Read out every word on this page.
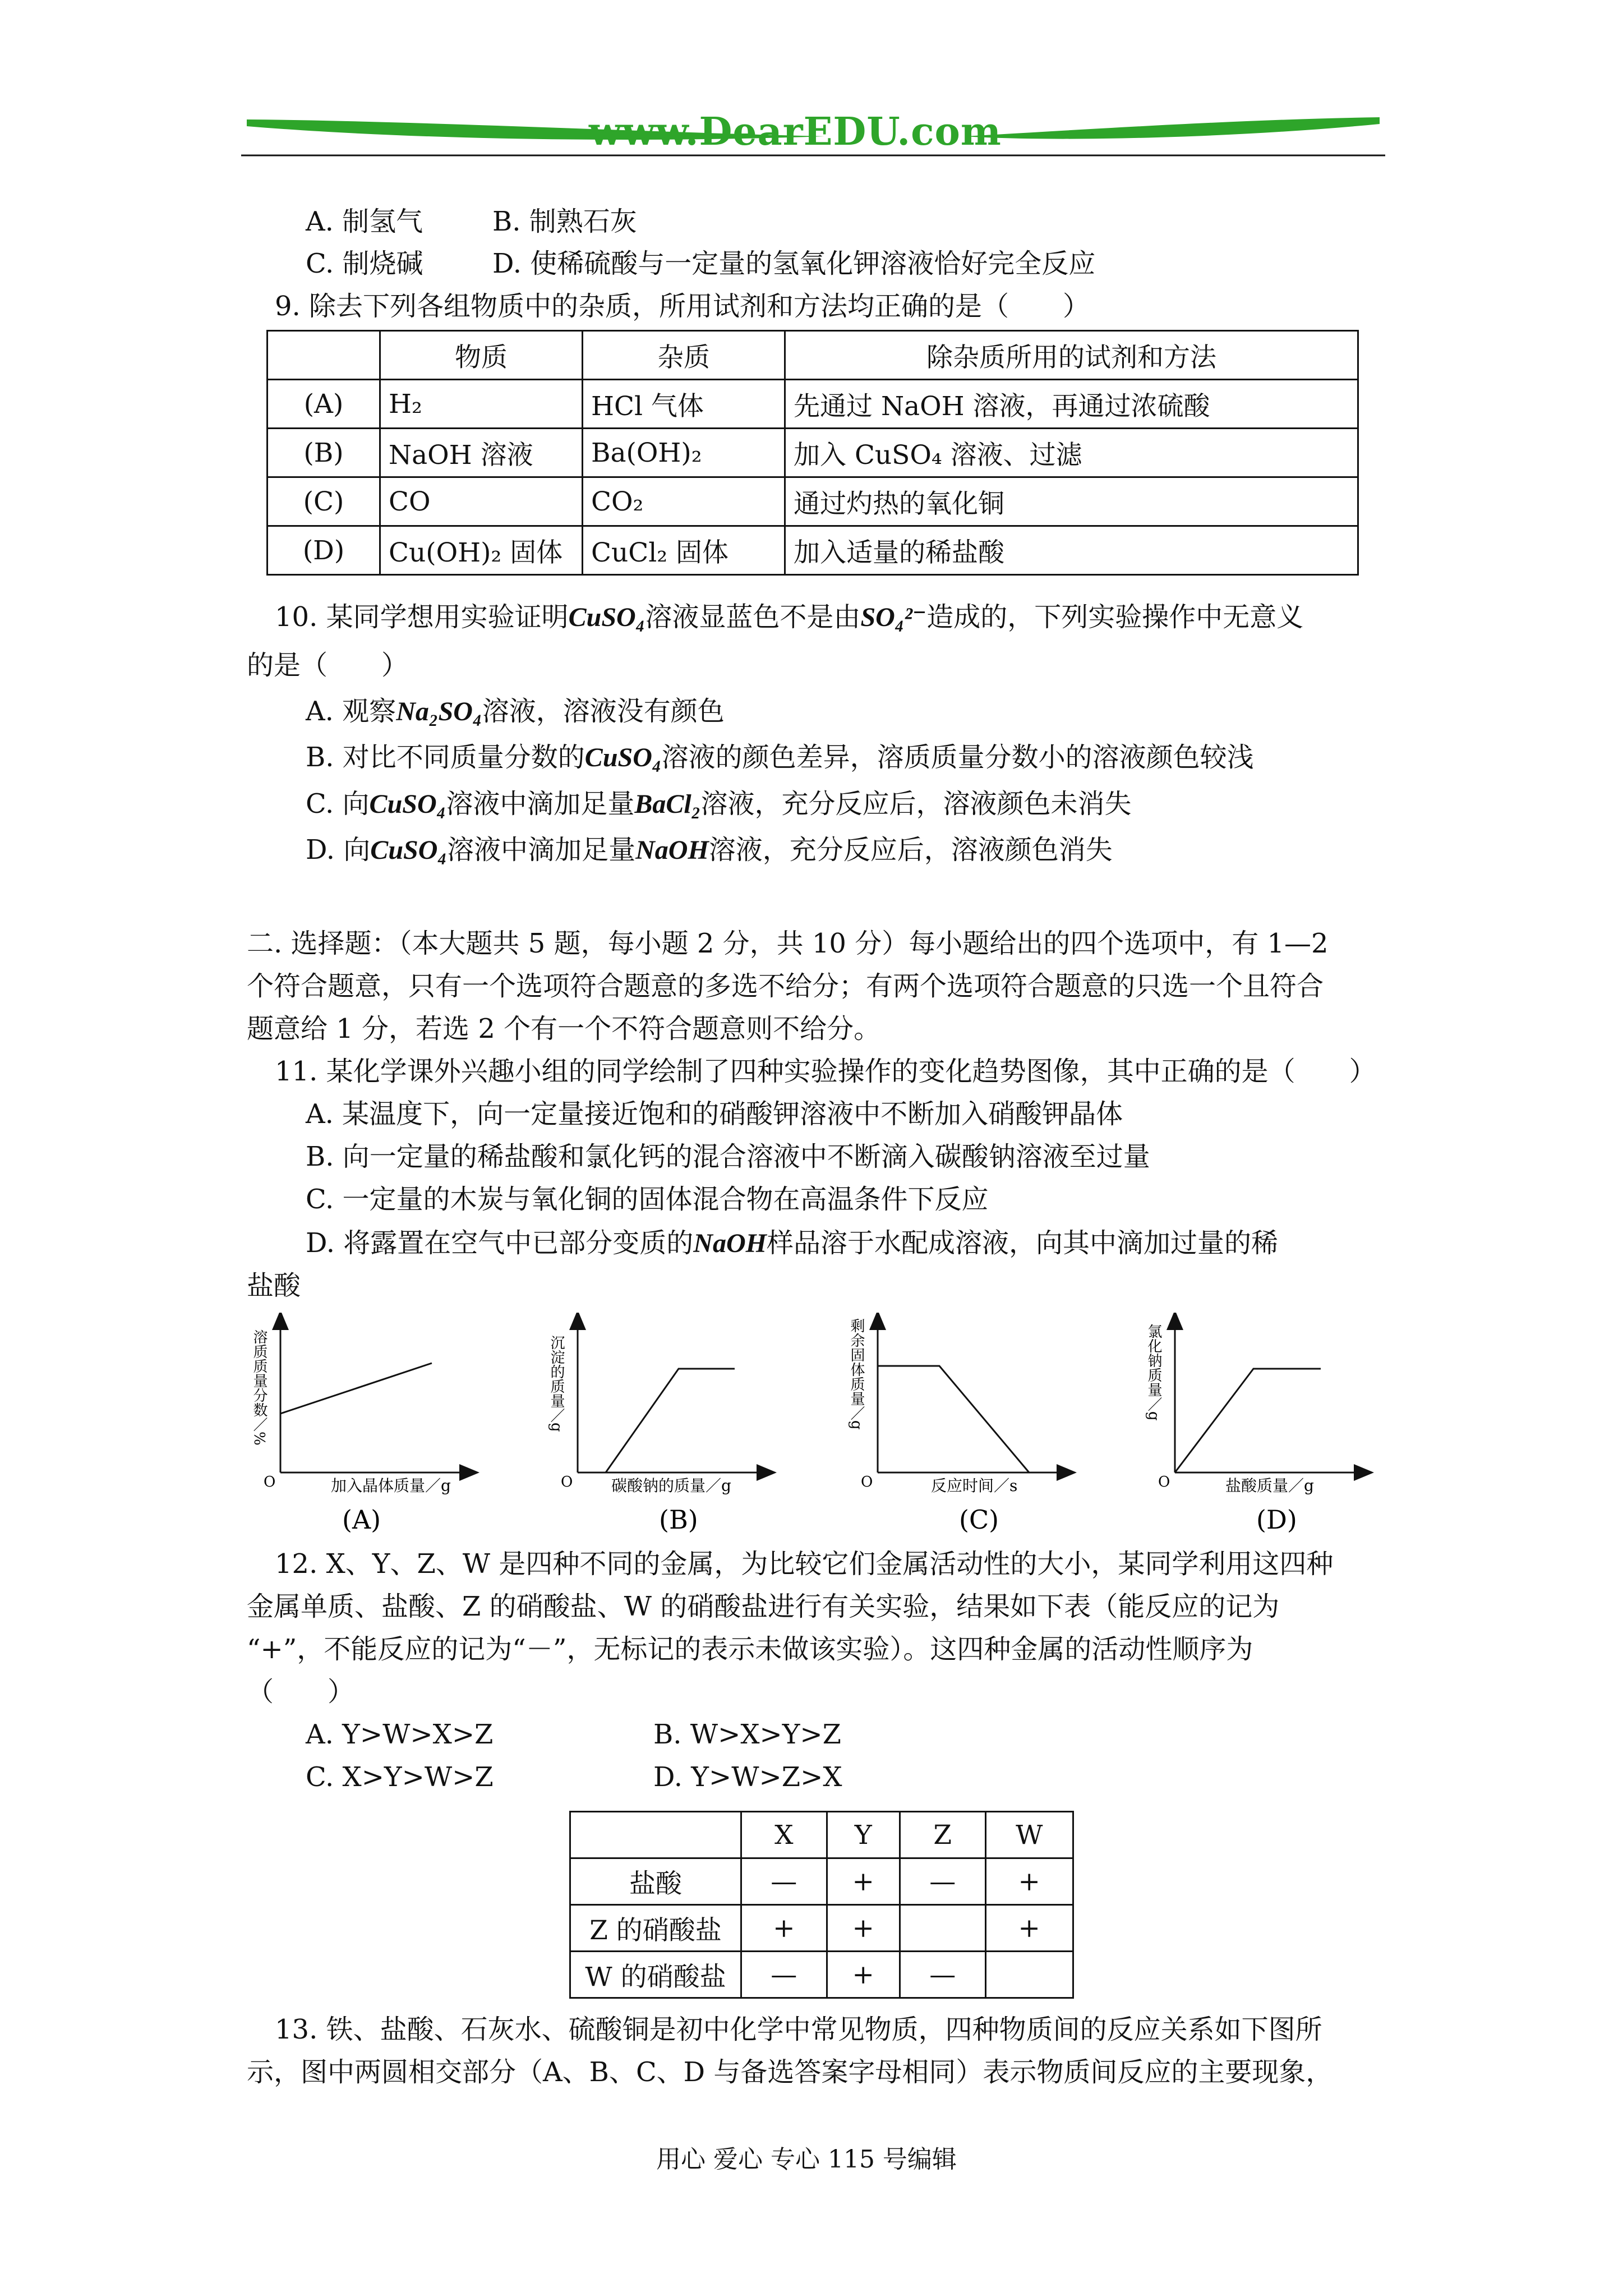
www.DearEDU.com
A. 制氢气	B. 制熟石灰
C. 制烧碱	D. 使稀硫酸与一定量的氢氧化钾溶液恰好完全反应
9. 除去下列各组物质中的杂质，所用试剂和方法均正确的是（　　）
	物质	杂质	除杂质所用的试剂和方法
(A)	H₂	HCl 气体	先通过 NaOH 溶液，再通过浓硫酸
(B)	NaOH 溶液	Ba(OH)₂	加入 CuSO₄ 溶液、过滤
(C)	CO	CO₂	通过灼热的氧化铜
(D)	Cu(OH)₂ 固体	CuCl₂ 固体	加入适量的稀盐酸
10. 某同学想用实验证明CuSO₄溶液显蓝色不是由SO₄²⁻造成的，下列实验操作中无意义
的是（　　）
A. 观察Na₂SO₄溶液，溶液没有颜色
B. 对比不同质量分数的CuSO₄溶液的颜色差异，溶质质量分数小的溶液颜色较浅
C. 向CuSO₄溶液中滴加足量BaCl₂溶液，充分反应后，溶液颜色未消失
D. 向CuSO₄溶液中滴加足量NaOH溶液，充分反应后，溶液颜色消失
二. 选择题：（本大题共 5 题，每小题 2 分，共 10 分）每小题给出的四个选项中，有 1—2
个符合题意，只有一个选项符合题意的多选不给分；有两个选项符合题意的只选一个且符合
题意给 1 分，若选 2 个有一个不符合题意则不给分。
11. 某化学课外兴趣小组的同学绘制了四种实验操作的变化趋势图像，其中正确的是（　　）
A. 某温度下，向一定量接近饱和的硝酸钾溶液中不断加入硝酸钾晶体
B. 向一定量的稀盐酸和氯化钙的混合溶液中不断滴入碳酸钠溶液至过量
C. 一定量的木炭与氧化铜的固体混合物在高温条件下反应
D. 将露置在空气中已部分变质的NaOH样品溶于水配成溶液，向其中滴加过量的稀
盐酸
O	加入晶体质量／g
溶质质量分数／%
O 碳酸钠的质量／g
沉淀的质量／g
O	反应时间／s
剩余固体质量／g
O	盐酸质量／g
氯化钠质量／g
(A)	(B)	(C)	(D)
12. X、Y、Z、W 是四种不同的金属，为比较它们金属活动性的大小，某同学利用这四种
金属单质、盐酸、Z 的硝酸盐、W 的硝酸盐进行有关实验，结果如下表（能反应的记为
“+”，不能反应的记为“－”，无标记的表示未做该实验）。这四种金属的活动性顺序为
（　　）
A. Y>W>X>Z	B. W>X>Y>Z
C. X>Y>W>Z	D. Y>W>Z>X
	X	Y	Z	W
盐酸	—	+	—	+
Z 的硝酸盐	+	+		+
W 的硝酸盐	—	+	—	
13. 铁、盐酸、石灰水、硫酸铜是初中化学中常见物质，四种物质间的反应关系如下图所
示，图中两圆相交部分（A、B、C、D 与备选答案字母相同）表示物质间反应的主要现象，
用心 爱心 专心 115 号编辑
